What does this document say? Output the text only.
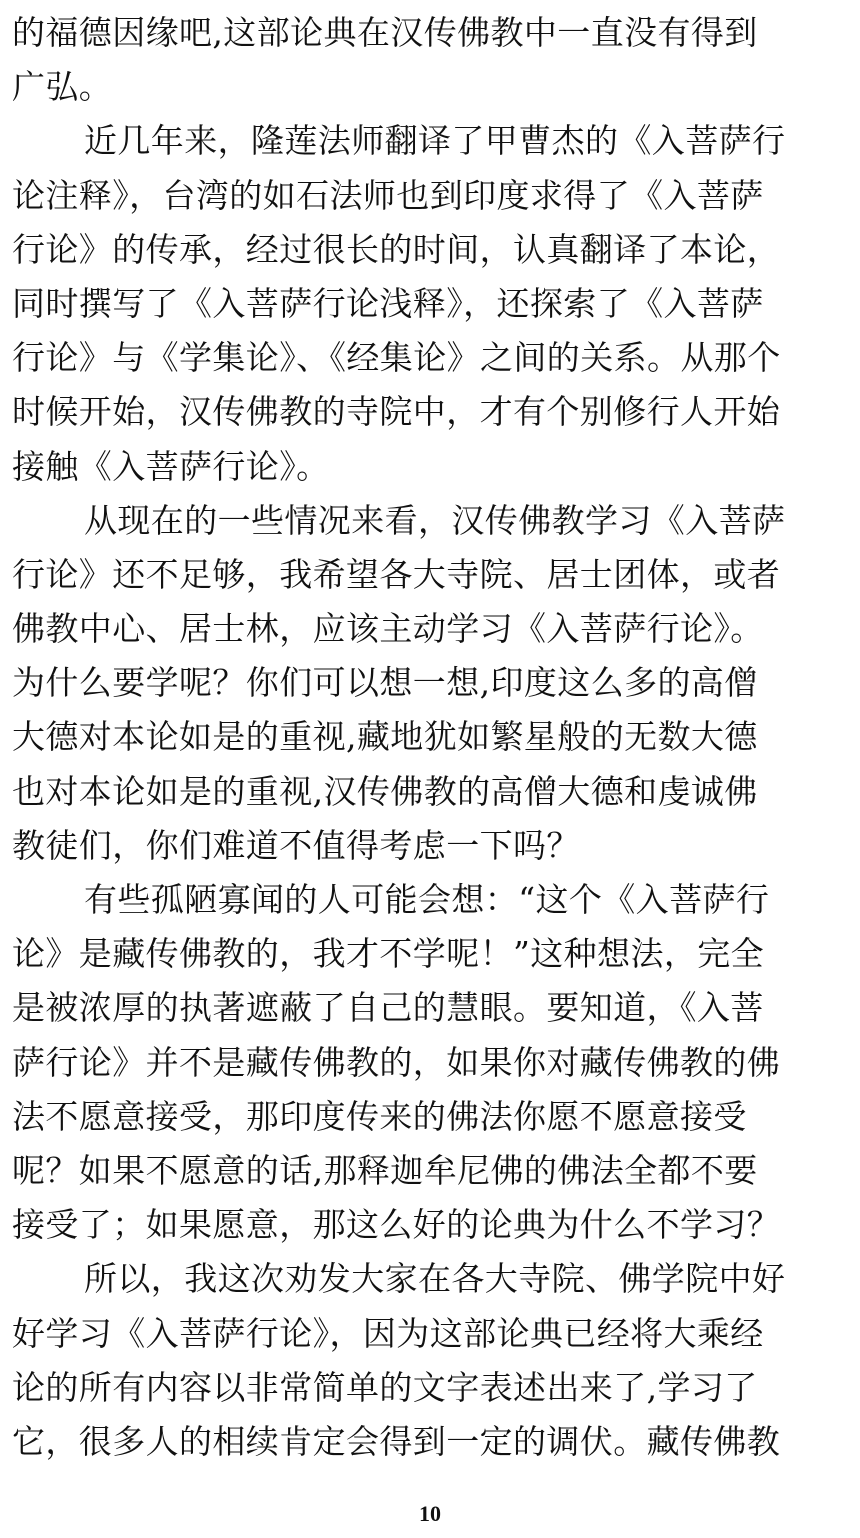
的福德因缘吧,这部论典在汉传佛教中一直没有得到
广弘。
近几年来，隆莲法师翻译了甲曹杰的《入菩萨行
论注释》，台湾的如石法师也到印度求得了《入菩萨
行论》的传承，经过很长的时间，认真翻译了本论，
同时撰写了《入菩萨行论浅释》，还探索了《入菩萨
行论》与《学集论》、《经集论》之间的关系。从那个
时候开始，汉传佛教的寺院中，才有个别修行人开始
接触《入菩萨行论》。
从现在的一些情况来看，汉传佛教学习《入菩萨
行论》还不足够，我希望各大寺院、居士团体，或者
佛教中心、居士林，应该主动学习《入菩萨行论》。
为什么要学呢？你们可以想一想,印度这么多的高僧
大德对本论如是的重视,藏地犹如繁星般的无数大德
也对本论如是的重视,汉传佛教的高僧大德和虔诚佛
教徒们，你们难道不值得考虑一下吗？
有些孤陋寡闻的人可能会想：“这个《入菩萨行
论》是藏传佛教的，我才不学呢！”这种想法，完全
是被浓厚的执著遮蔽了自己的慧眼。要知道，《入菩
萨行论》并不是藏传佛教的，如果你对藏传佛教的佛
法不愿意接受，那印度传来的佛法你愿不愿意接受
呢？如果不愿意的话,那释迦牟尼佛的佛法全都不要
接受了；如果愿意，那这么好的论典为什么不学习？
所以，我这次劝发大家在各大寺院、佛学院中好
好学习《入菩萨行论》，因为这部论典已经将大乘经
论的所有内容以非常简单的文字表述出来了,学习了
它，很多人的相续肯定会得到一定的调伏。藏传佛教
10
